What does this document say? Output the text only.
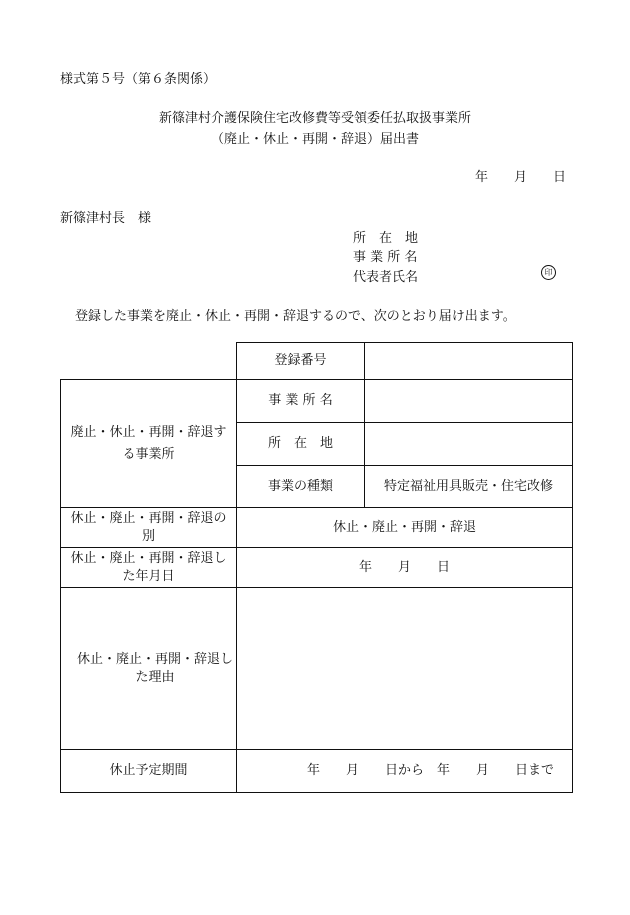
様式第５号（第６条関係）
新篠津村介護保険住宅改修費等受領委任払取扱事業所
（廃止・休止・再開・辞退）届出書
年　　月　　日
新篠津村長　様
所　在　地
事 業 所 名
代表者氏名	印
登録した事業を廃止・休止・再開・辞退するので、次のとおり届け出ます。
	登録番号	
廃止・休止・再開・辞退する事業所	事 業 所 名	
	所　在　地	
	事業の種類	特定福祉用具販売・住宅改修
休止・廃止・再開・辞退の別	休止・廃止・再開・辞退	
休止・廃止・再開・辞退した年月日	年　　月　　日	
休止・廃止・再開・辞退した理由		
休止予定期間	年　　月　　日から　年　　月　　日まで	
